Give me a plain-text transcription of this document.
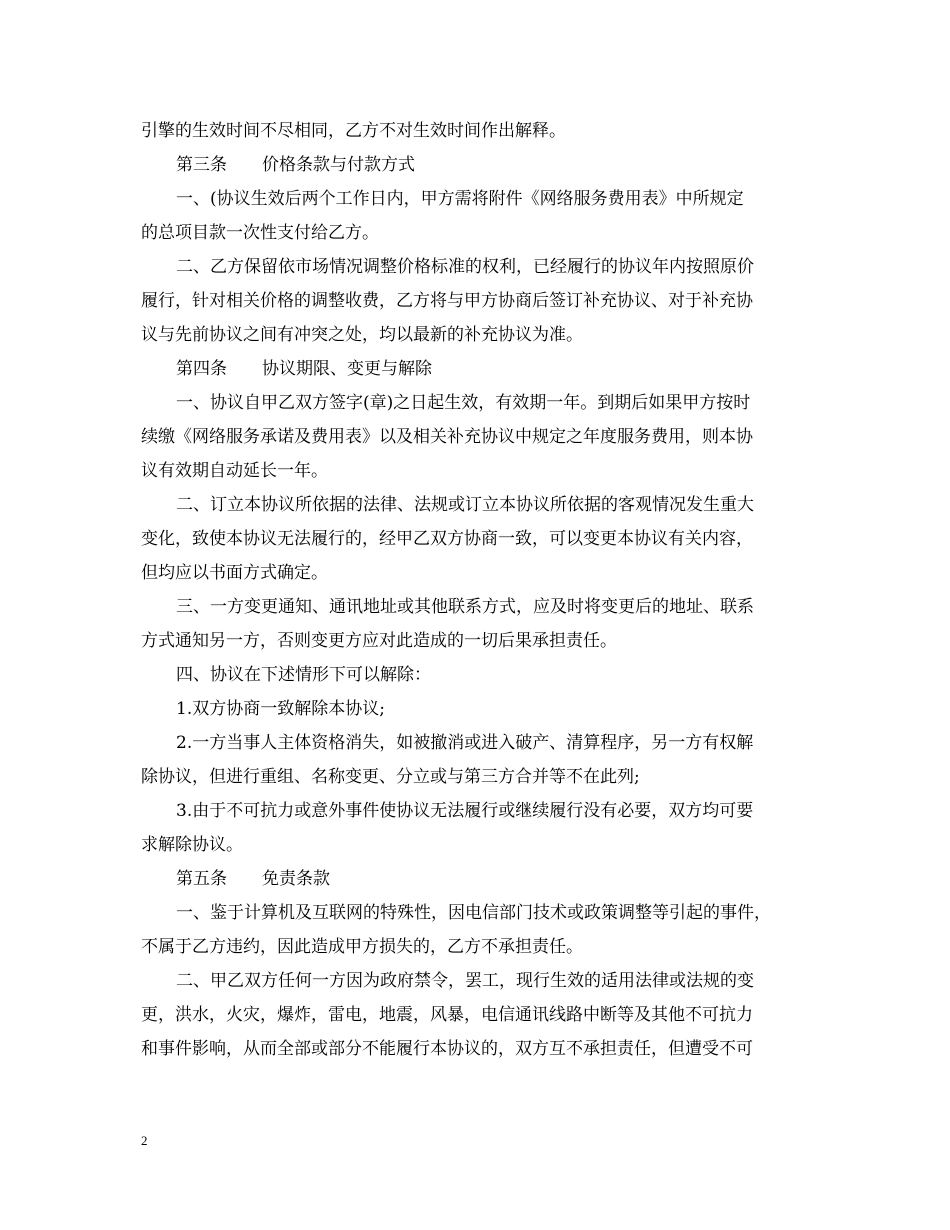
引擎的生效时间不尽相同，乙方不对生效时间作出解释。
第三条 价格条款与付款方式
一、(协议生效后两个工作日内，甲方需将附件《网络服务费用表》中所规定
的总项目款一次性支付给乙方。
二、乙方保留依市场情况调整价格标准的权利，已经履行的协议年内按照原价
履行，针对相关价格的调整收费，乙方将与甲方协商后签订补充协议、对于补充协
议与先前协议之间有冲突之处，均以最新的补充协议为准。
第四条 协议期限、变更与解除
一、协议自甲乙双方签字(章)之日起生效，有效期一年。到期后如果甲方按时
续缴《网络服务承诺及费用表》以及相关补充协议中规定之年度服务费用，则本协
议有效期自动延长一年。
二、订立本协议所依据的法律、法规或订立本协议所依据的客观情况发生重大
变化，致使本协议无法履行的，经甲乙双方协商一致，可以变更本协议有关内容，
但均应以书面方式确定。
三、一方变更通知、通讯地址或其他联系方式，应及时将变更后的地址、联系
方式通知另一方，否则变更方应对此造成的一切后果承担责任。
四、协议在下述情形下可以解除：
1.双方协商一致解除本协议;
2.一方当事人主体资格消失，如被撤消或进入破产、清算程序，另一方有权解
除协议，但进行重组、名称变更、分立或与第三方合并等不在此列;
3.由于不可抗力或意外事件使协议无法履行或继续履行没有必要，双方均可要
求解除协议。
第五条 免责条款
一、鉴于计算机及互联网的特殊性，因电信部门技术或政策调整等引起的事件，
不属于乙方违约，因此造成甲方损失的，乙方不承担责任。
二、甲乙双方任何一方因为政府禁令，罢工，现行生效的适用法律或法规的变
更，洪水，火灾，爆炸，雷电，地震，风暴，电信通讯线路中断等及其他不可抗力
和事件影响，从而全部或部分不能履行本协议的，双方互不承担责任，但遭受不可
2
